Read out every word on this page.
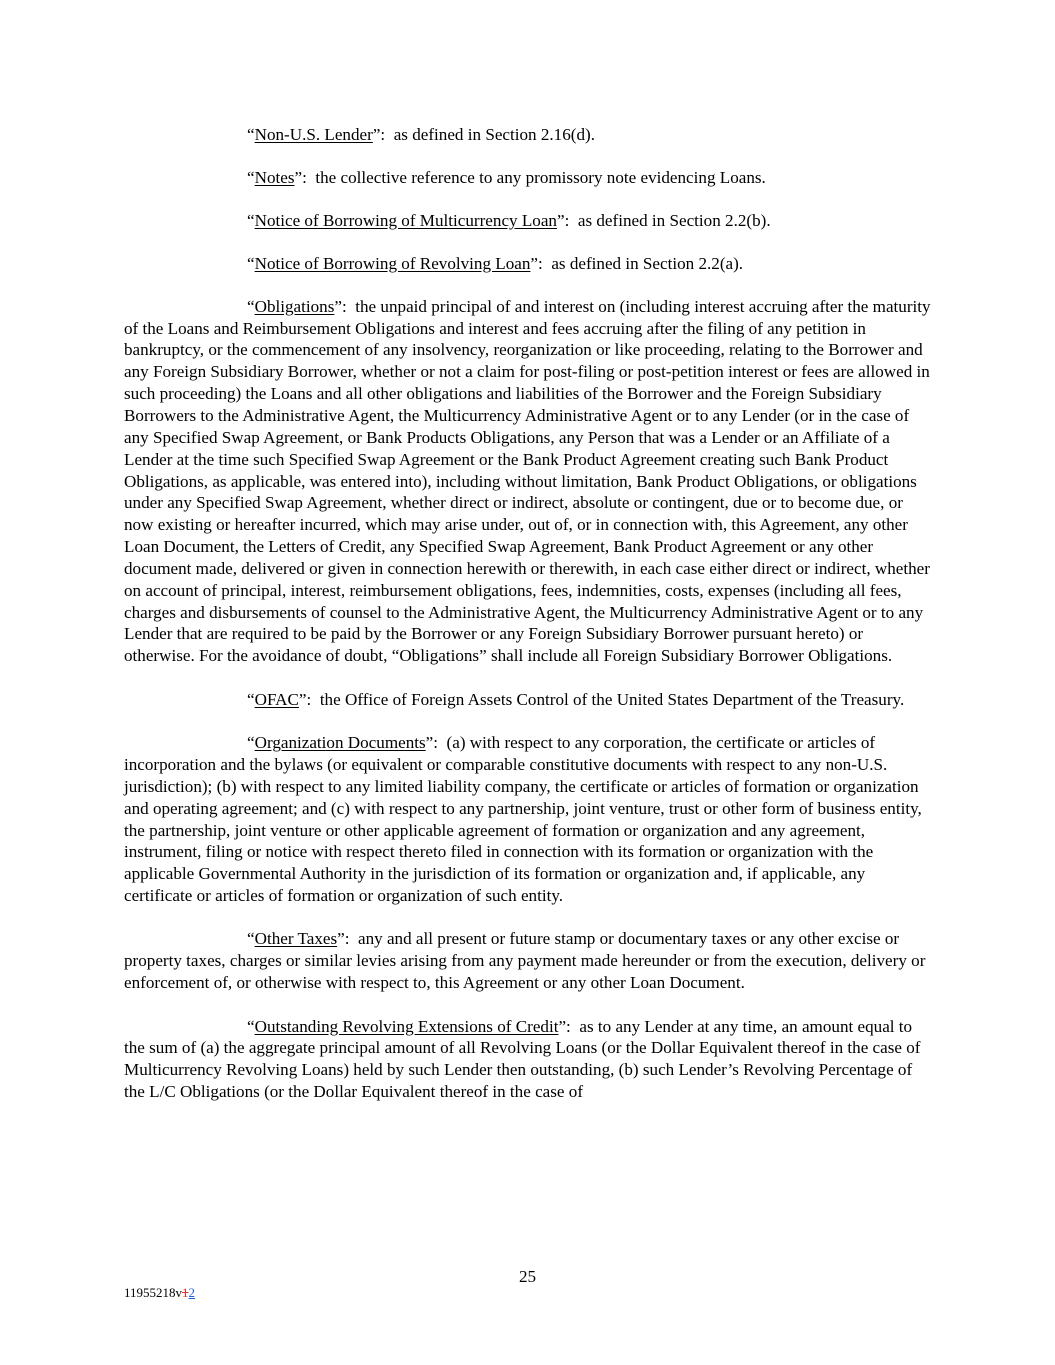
“Non-U.S. Lender”:  as defined in Section 2.16(d).

“Notes”:  the collective reference to any promissory note evidencing Loans.

“Notice of Borrowing of Multicurrency Loan”:  as defined in Section 2.2(b).

“Notice of Borrowing of Revolving Loan”:  as defined in Section 2.2(a).

“Obligations”:  the unpaid principal of and interest on (including interest accruing after the maturity of the Loans and Reimbursement Obligations and interest and fees accruing after the filing of any petition in bankruptcy, or the commencement of any insolvency, reorganization or like proceeding, relating to the Borrower and any Foreign Subsidiary Borrower, whether or not a claim for post-filing or post-petition interest or fees are allowed in such proceeding) the Loans and all other obligations and liabilities of the Borrower and the Foreign Subsidiary Borrowers to the Administrative Agent, the Multicurrency Administrative Agent or to any Lender (or in the case of any Specified Swap Agreement, or Bank Products Obligations, any Person that was a Lender or an Affiliate of a Lender at the time such Specified Swap Agreement or the Bank Product Agreement creating such Bank Product Obligations, as applicable, was entered into), including without limitation, Bank Product Obligations, or obligations under any Specified Swap Agreement, whether direct or indirect, absolute or contingent, due or to become due, or now existing or hereafter incurred, which may arise under, out of, or in connection with, this Agreement, any other Loan Document, the Letters of Credit, any Specified Swap Agreement, Bank Product Agreement or any other document made, delivered or given in connection herewith or therewith, in each case either direct or indirect, whether on account of principal, interest, reimbursement obligations, fees, indemnities, costs, expenses (including all fees, charges and disbursements of counsel to the Administrative Agent, the Multicurrency Administrative Agent or to any Lender that are required to be paid by the Borrower or any Foreign Subsidiary Borrower pursuant hereto) or otherwise. For the avoidance of doubt, “Obligations” shall include all Foreign Subsidiary Borrower Obligations.

“OFAC”:  the Office of Foreign Assets Control of the United States Department of the Treasury.

“Organization Documents”:  (a) with respect to any corporation, the certificate or articles of incorporation and the bylaws (or equivalent or comparable constitutive documents with respect to any non-U.S. jurisdiction); (b) with respect to any limited liability company, the certificate or articles of formation or organization and operating agreement; and (c) with respect to any partnership, joint venture, trust or other form of business entity, the partnership, joint venture or other applicable agreement of formation or organization and any agreement, instrument, filing or notice with respect thereto filed in connection with its formation or organization with the applicable Governmental Authority in the jurisdiction of its formation or organization and, if applicable, any certificate or articles of formation or organization of such entity.

“Other Taxes”:  any and all present or future stamp or documentary taxes or any other excise or property taxes, charges or similar levies arising from any payment made hereunder or from the execution, delivery or enforcement of, or otherwise with respect to, this Agreement or any other Loan Document.

“Outstanding Revolving Extensions of Credit”:  as to any Lender at any time, an amount equal to the sum of (a) the aggregate principal amount of all Revolving Loans (or the Dollar Equivalent thereof in the case of Multicurrency Revolving Loans) held by such Lender then outstanding, (b) such Lender’s Revolving Percentage of the L/C Obligations (or the Dollar Equivalent thereof in the case of

25
11955218v12
